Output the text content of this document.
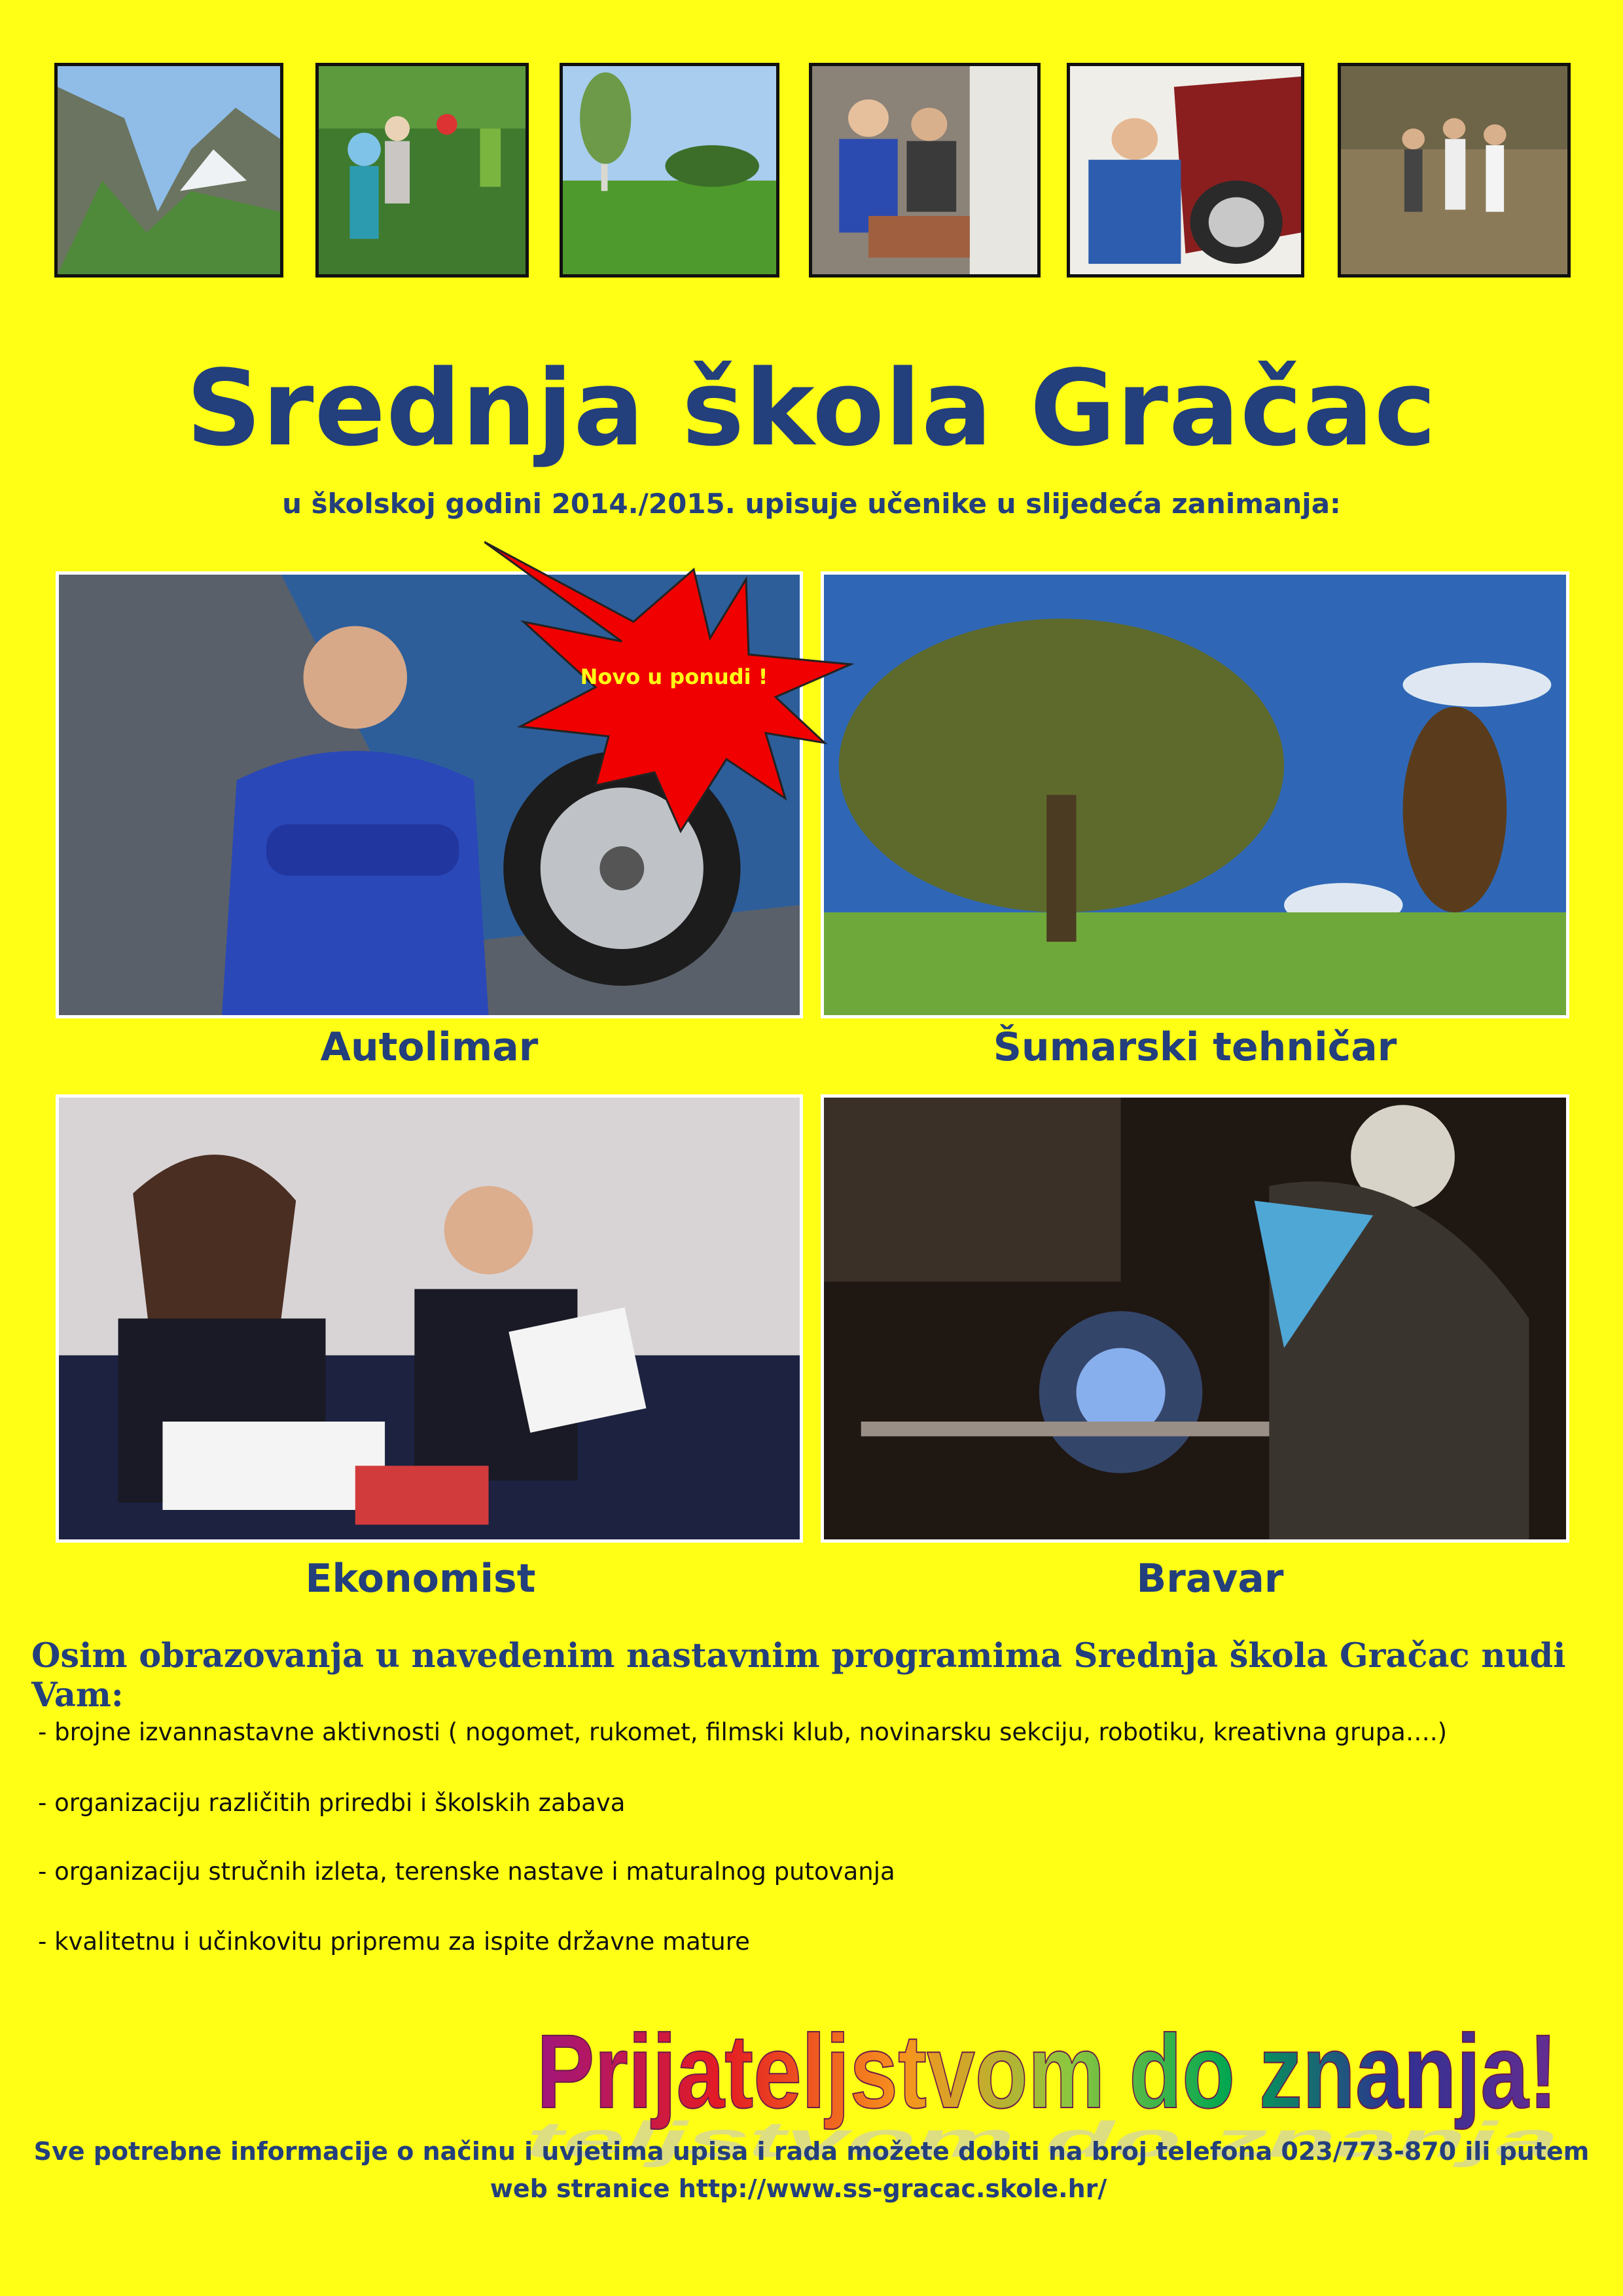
Srednja škola Gračac
u školskoj godini 2014./2015. upisuje učenike u slijedeća zanimanja:
Novo u ponudi !
Autolimar	Šumarski tehničar
Ekonomist	Bravar
Osim obrazovanja u navedenim nastavnim programima Srednja škola Gračac nudi Vam:
- brojne izvannastavne aktivnosti ( nogomet, rukomet, filmski klub, novinarsku sekciju, robotiku, kreativna grupa….)
- organizaciju različitih priredbi i školskih zabava
- organizaciju stručnih izleta, terenske nastave i maturalnog putovanja
- kvalitetnu i učinkovitu pripremu za ispite državne mature
Prijateljstvom do znanja!
Prijateljstvom do znanja!
Sve potrebne informacije o načinu i uvjetima upisa i rada možete dobiti na broj telefona 023/773-870 ili putem
web stranice http://www.ss-gracac.skole.hr/
